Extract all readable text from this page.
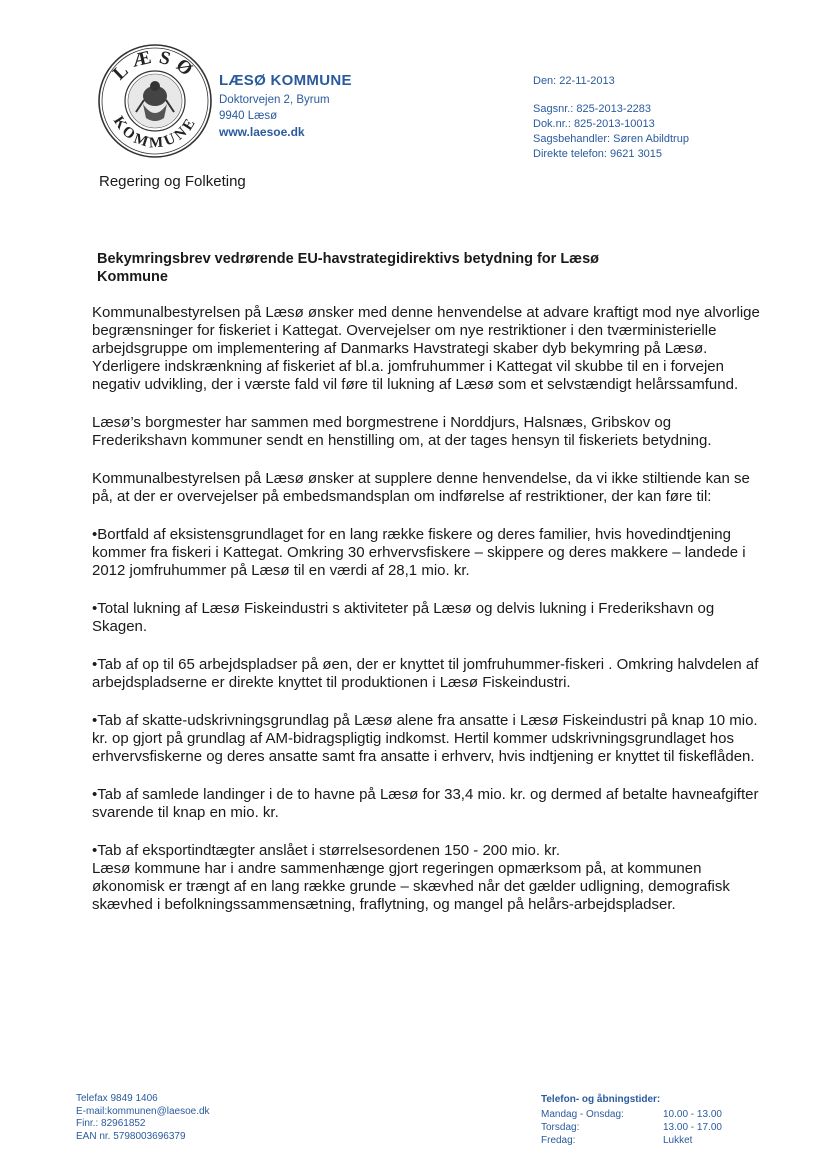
LÆSØ
KOMMUNE
LÆSØ KOMMUNE
Doktorvejen 2, Byrum
9940 Læsø
www.laesoe.dk
Den: 22-11-2013
Sagsnr.: 825-2013-2283
Dok.nr.: 825-2013-10013
Sagsbehandler: Søren Abildtrup
Direkte telefon: 9621 3015
Regering og Folketing
Bekymringsbrev vedrørende EU-havstrategidirektivs betydning for Læsø Kommune

Kommunalbestyrelsen på Læsø ønsker med denne henvendelse at advare kraftigt mod nye alvorlige begrænsninger for fiskeriet i Kattegat. Overvejelser om nye restriktioner i den tværministerielle arbejdsgruppe om implementering af Danmarks Havstrategi skaber dyb bekymring på Læsø. Yderligere indskrænkning af fiskeriet af bl.a. jomfruhummer i Kattegat vil skubbe til en i forvejen negativ udvikling, der i værste fald vil føre til lukning af Læsø som et selvstændigt helårssamfund.

Læsø’s borgmester har sammen med borgmestrene i Norddjurs, Halsnæs, Gribskov og Frederikshavn kommuner sendt en henstilling om, at der tages hensyn til fiskeriets betydning.

Kommunalbestyrelsen på Læsø ønsker at supplere denne henvendelse, da vi ikke stiltiende kan se på, at der er overvejelser på embedsmandsplan om indførelse af restriktioner, der kan føre til:

•Bortfald af eksistensgrundlaget for en lang række fiskere og deres familier, hvis hovedindtjening kommer fra fiskeri i Kattegat. Omkring 30 erhvervsfiskere – skippere og deres makkere – landede i 2012 jomfruhummer på Læsø til en værdi af 28,1 mio. kr.

•Total lukning af Læsø Fiskeindustri s aktiviteter på Læsø og delvis lukning i Frederikshavn og Skagen.

•Tab af op til 65 arbejdspladser på øen, der er knyttet til jomfruhummer-fiskeri . Omkring halvdelen af arbejdspladserne er direkte knyttet til produktionen i Læsø Fiskeindustri.

•Tab af skatte-udskrivningsgrundlag på Læsø alene fra ansatte i Læsø Fiskeindustri på knap 10 mio. kr. op gjort på grundlag af AM-bidragspligtig indkomst. Hertil kommer udskrivningsgrundlaget hos erhvervsfiskerne og deres ansatte samt fra ansatte i erhverv, hvis indtjening er knyttet til fiskeflåden.

•Tab af samlede landinger i de to havne på Læsø for 33,4 mio. kr. og dermed af betalte havneafgifter svarende til knap en mio. kr.

•Tab af eksportindtægter anslået i størrelsesordenen 150 - 200 mio. kr.

Læsø kommune har i andre sammenhænge gjort regeringen opmærksom på, at kommunen økonomisk er trængt af en lang række grunde – skævhed når det gælder udligning, demografisk skævhed i befolkningssammensætning, fraflytning, og mangel på helårs-arbejdspladser.

Telefax 9849 1406
E-mail:kommunen@laesoe.dk
Finr.: 82961852
EAN nr. 5798003696379
Telefon- og åbningstider:
Mandag - Onsdag:	10.00 - 13.00
Torsdag:	13.00 - 17.00
Fredag:	Lukket
